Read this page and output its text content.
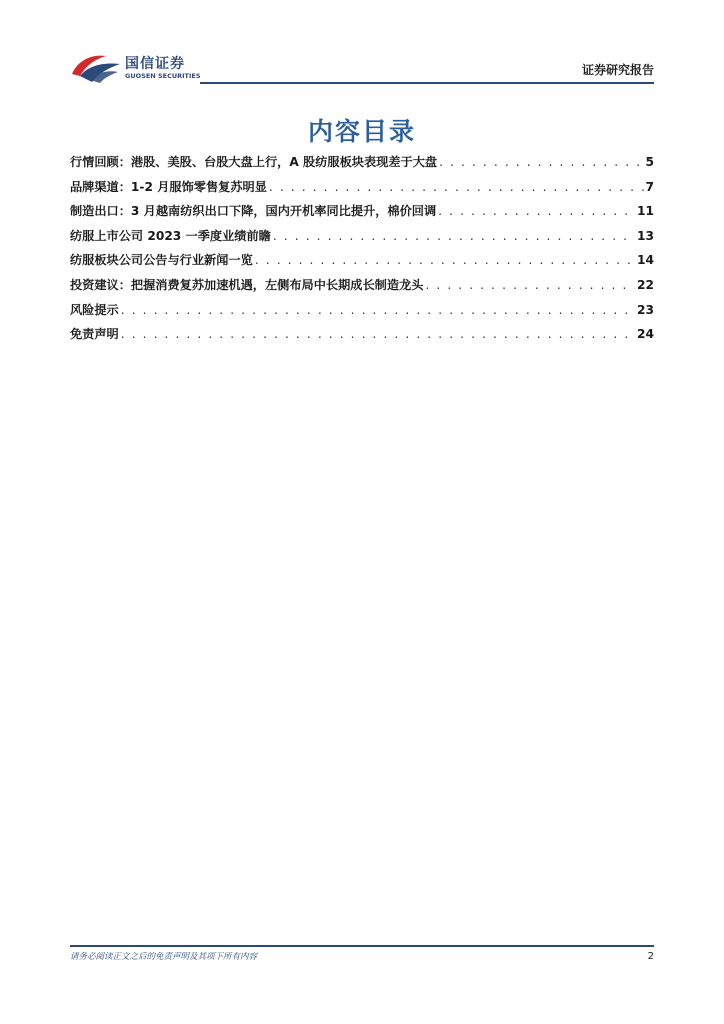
国信证券
GUOSEN SECURITIES	证券研究报告
内容目录
行情回顾：港股、美股、台股大盘上行，A 股纺服板块表现差于大盘 . . .	5
品牌渠道：1-2 月服饰零售复苏明显 . . .	7
制造出口：3 月越南纺织出口下降，国内开机率同比提升，棉价回调 . . .	11
纺服上市公司 2023 一季度业绩前瞻 . . .	13
纺服板块公司公告与行业新闻一览 . . .	14
投资建议：把握消费复苏加速机遇，左侧布局中长期成长制造龙头 . . .	22
风险提示 . . .	23
免责声明 . . .	24
请务必阅读正文之后的免责声明及其项下所有内容	2
